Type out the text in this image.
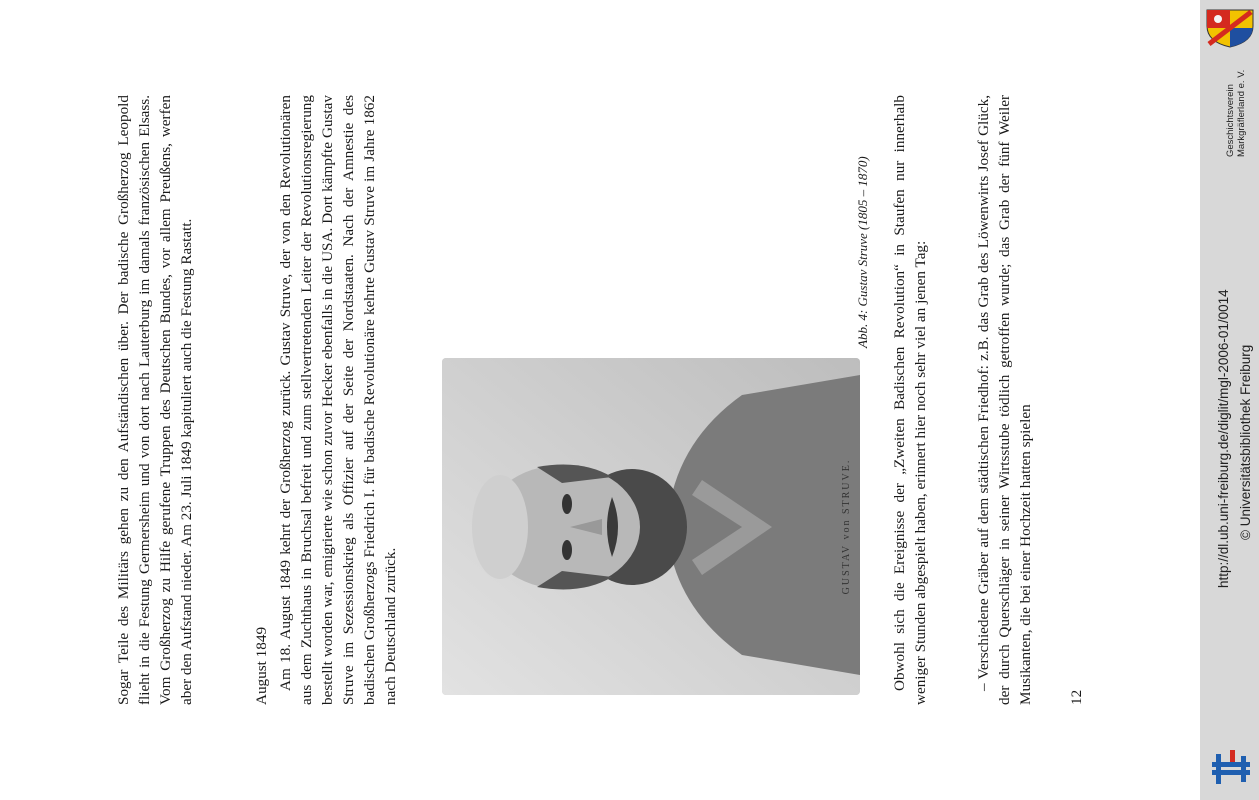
Sogar Teile des Militärs gehen zu den Aufständischen über. Der badische Großherzog Leopold flieht in die Festung Germersheim und von dort nach Lauterburg im damals französischen Elsass. Vom Großherzog zu Hilfe gerufene Truppen des Deutschen Bundes, vor allem Preußens, werfen aber den Aufstand nieder. Am 23. Juli 1849 kapituliert auch die Festung Rastatt.	August 1849 Am 18. August 1849 kehrt der Großherzog zurück. Gustav Struve, der von den Revolutionären aus dem Zuchthaus in Bruchsal befreit und zum stellvertretenden Leiter der Revolutionsregierung bestellt worden war, emigrierte wie schon zuvor Hecker ebenfalls in die USA. Dort kämpfte Gustav Struve im Sezessionskrieg als Offizier auf der Seite der Nordstaaten. Nach der Amnestie des badischen Großherzogs Friedrich I. für badische Revolutionäre kehrte Gustav Struve im Jahre 1862 nach Deutschland zurück.

GUSTAV von STRUVE.
Abb. 4: Gustav Struve (1805 – 1870) Obwohl sich die Ereignisse der „Zweiten Badischen Revolution“ in Staufen nur innerhalb weniger Stunden abgespielt haben, erinnert hier noch sehr viel an jenen Tag:	– Verschiedene Gräber auf dem städtischen Friedhof: z.B. das Grab des Löwenwirts Josef Glück, der durch Querschläger in seiner Wirtsstube tödlich getroffen wurde; das Grab der fünf Weiler Musikanten, die bei einer Hochzeit hatten spielen 12
Geschichtsverein Markgräflerland e. V.
http://dl.ub.uni-freiburg.de/diglit/mgl-2006-01/0014 © Universitätsbibliothek Freiburg
